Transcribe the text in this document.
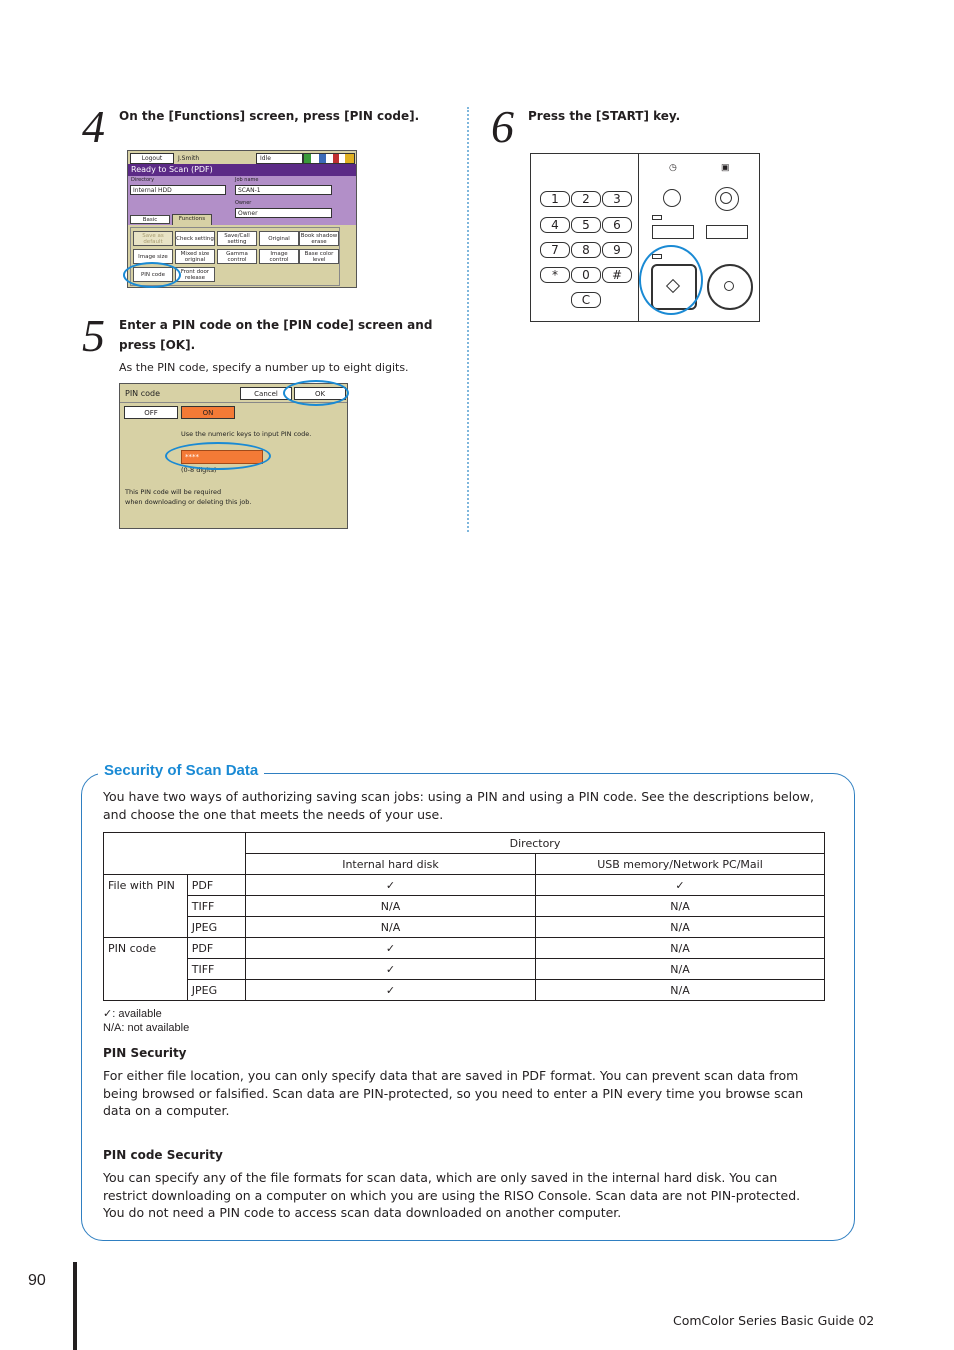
4 On the [Functions] screen, press [PIN code].
Logout	J.Smith	Idle
Ready to Scan (PDF)
Directory
Internal HDD
Job name
SCAN-1
Owner
Owner
Basic	Functions
Save as default	Check setting	Save/Call setting	Original	Book shadow erase
Image size	Mixed size original
Gamma control
Image control
Base color level
PIN code	Front door release
5 Enter a PIN code on the [PIN code] screen and press [OK].
As the PIN code, specify a number up to eight digits.
PIN code	Cancel	OK
OFF	ON
Use the numeric keys to input PIN code.
****
(0-8 digits)
This PIN code will be required
when downloading or deleting this job.
6 Press the [START] key.
1	2	3
4	5	6
7	8	9
*	0	#
C
◷	▣
Security of Scan Data
You have two ways of authorizing saving scan jobs: using a PIN and using a PIN code. See the descriptions below, and choose the one that meets the needs of your use.
		Directory	
		Internal hard disk	USB memory/Network PC/Mail
File with PIN	PDF	✓	✓
	TIFF	N/A	N/A
	JPEG	N/A	N/A
PIN code	PDF	✓	N/A
	TIFF	✓	N/A
	JPEG	✓	N/A
✓: available
N/A: not available
PIN Security
For either file location, you can only specify data that are saved in PDF format. You can prevent scan data from being browsed or falsified. Scan data are PIN-protected, so you need to enter a PIN every time you browse scan data on a computer.
PIN code Security
You can specify any of the file formats for scan data, which are only saved in the internal hard disk. You can restrict downloading on a computer on which you are using the RISO Console. Scan data are not PIN-protected. You do not need a PIN code to access scan data downloaded on another computer.
90
ComColor Series Basic Guide 02
